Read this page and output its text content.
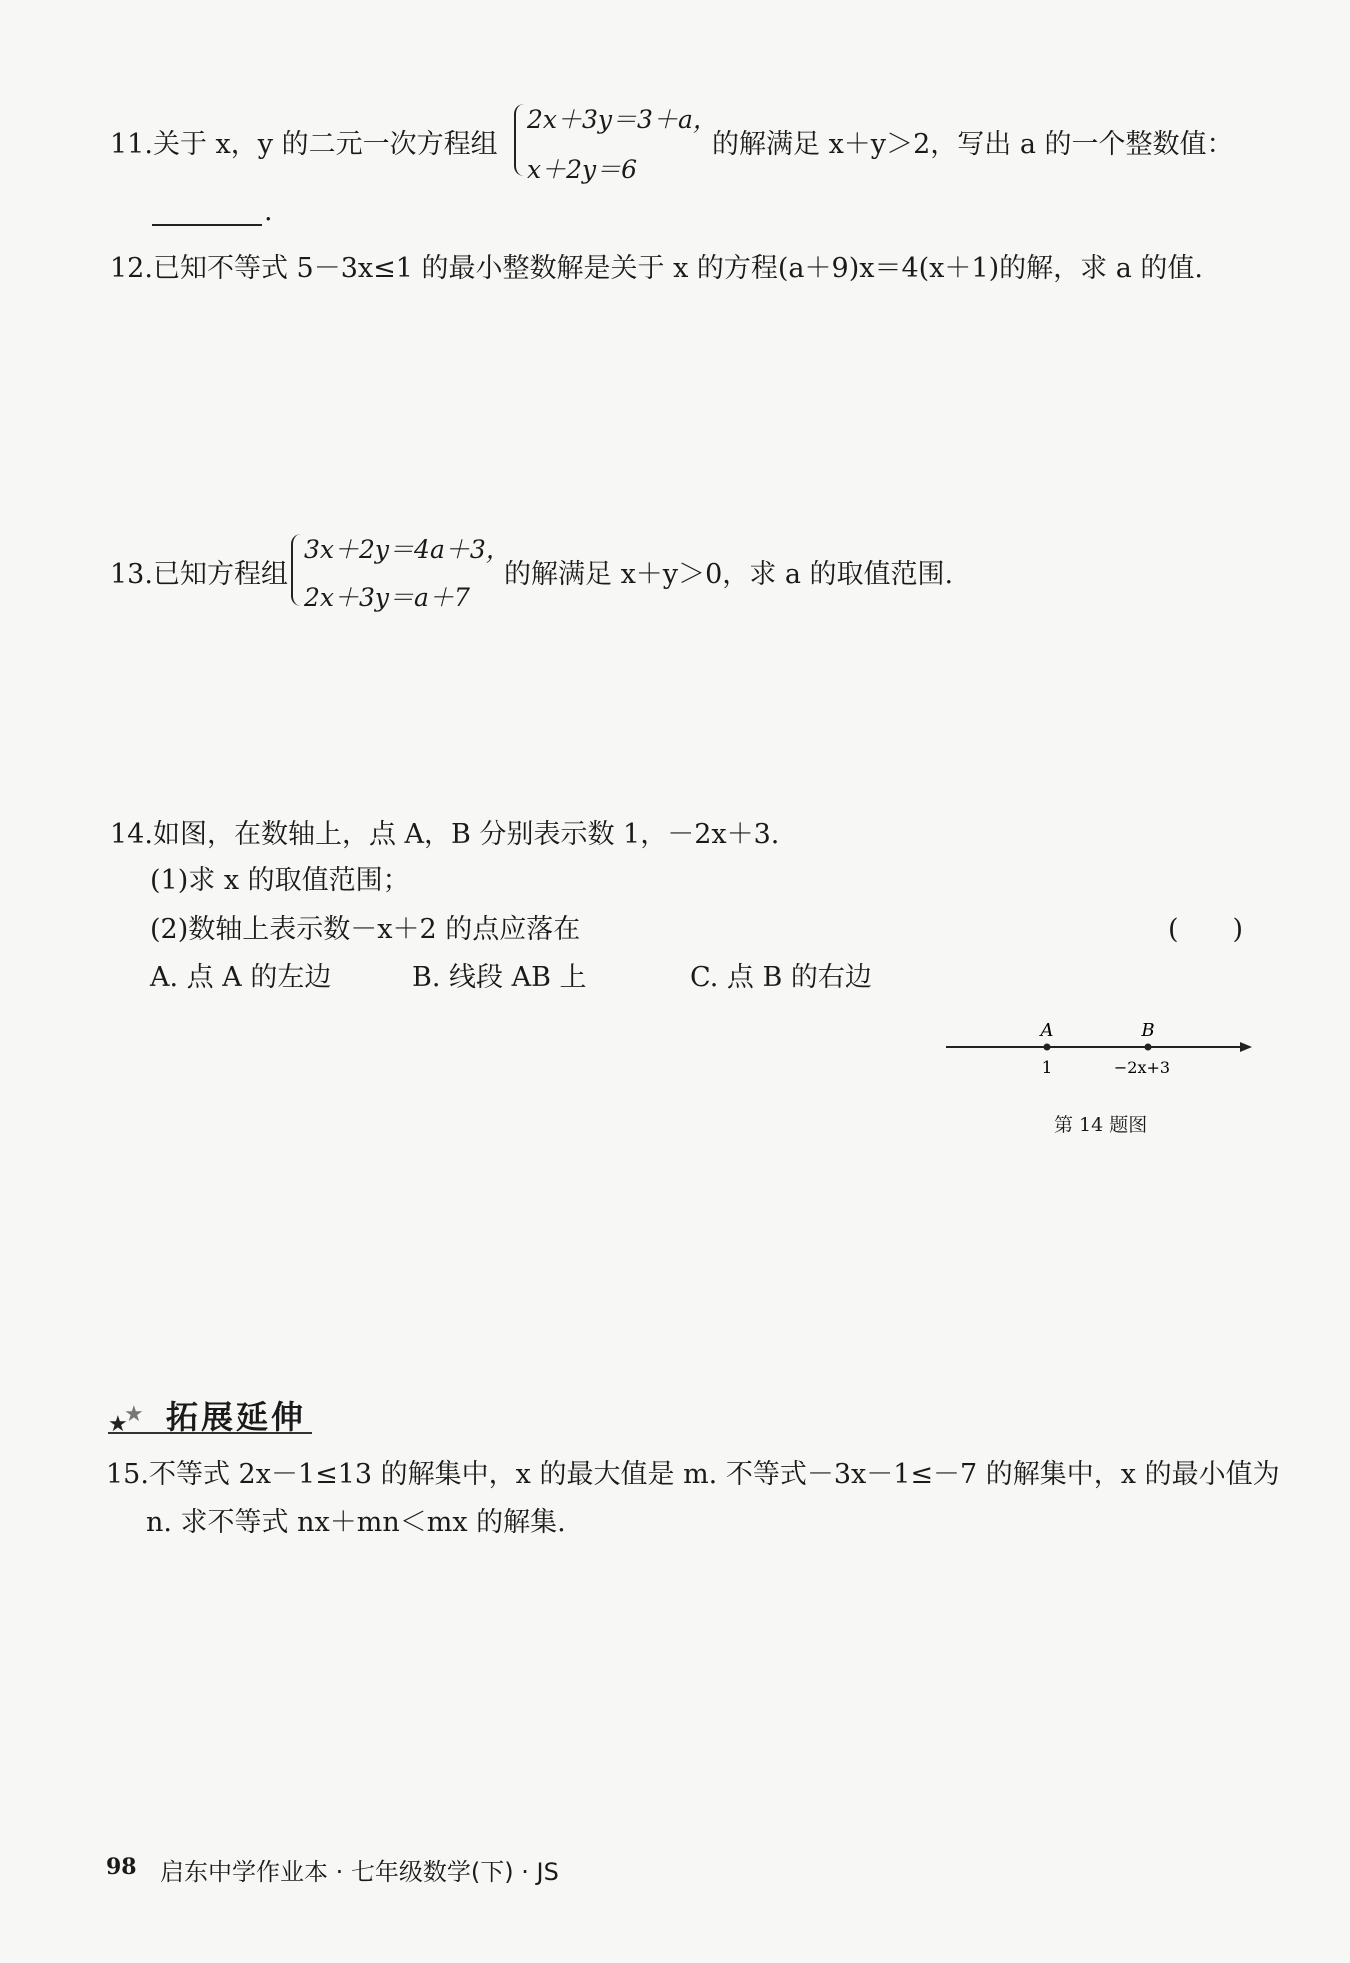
11.关于 x，y 的二元一次方程组
2x＋3y＝3＋a，
x＋2y＝6
的解满足 x＋y＞2，写出 a 的一个整数值：
.
12.已知不等式 5－3x≤1 的最小整数解是关于 x 的方程(a＋9)x＝4(x＋1)的解，求 a 的值.
13.已知方程组
3x＋2y＝4a＋3，
2x＋3y＝a＋7
的解满足 x＋y＞0，求 a 的取值范围.
14.如图，在数轴上，点 A，B 分别表示数 1，－2x＋3.
(1)求 x 的取值范围；
(2)数轴上表示数－x＋2 的点应落在	(　　)
A. 点 A 的左边	B. 线段 AB 上	C. 点 B 的右边
A	B
1	−2x+3
第 14 题图
★
★ 拓展延伸
15.不等式 2x－1≤13 的解集中，x 的最大值是 m. 不等式－3x－1≤－7 的解集中，x 的最小值为
n. 求不等式 nx＋mn＜mx 的解集.
98 启东中学作业本 · 七年级数学(下) · JS
